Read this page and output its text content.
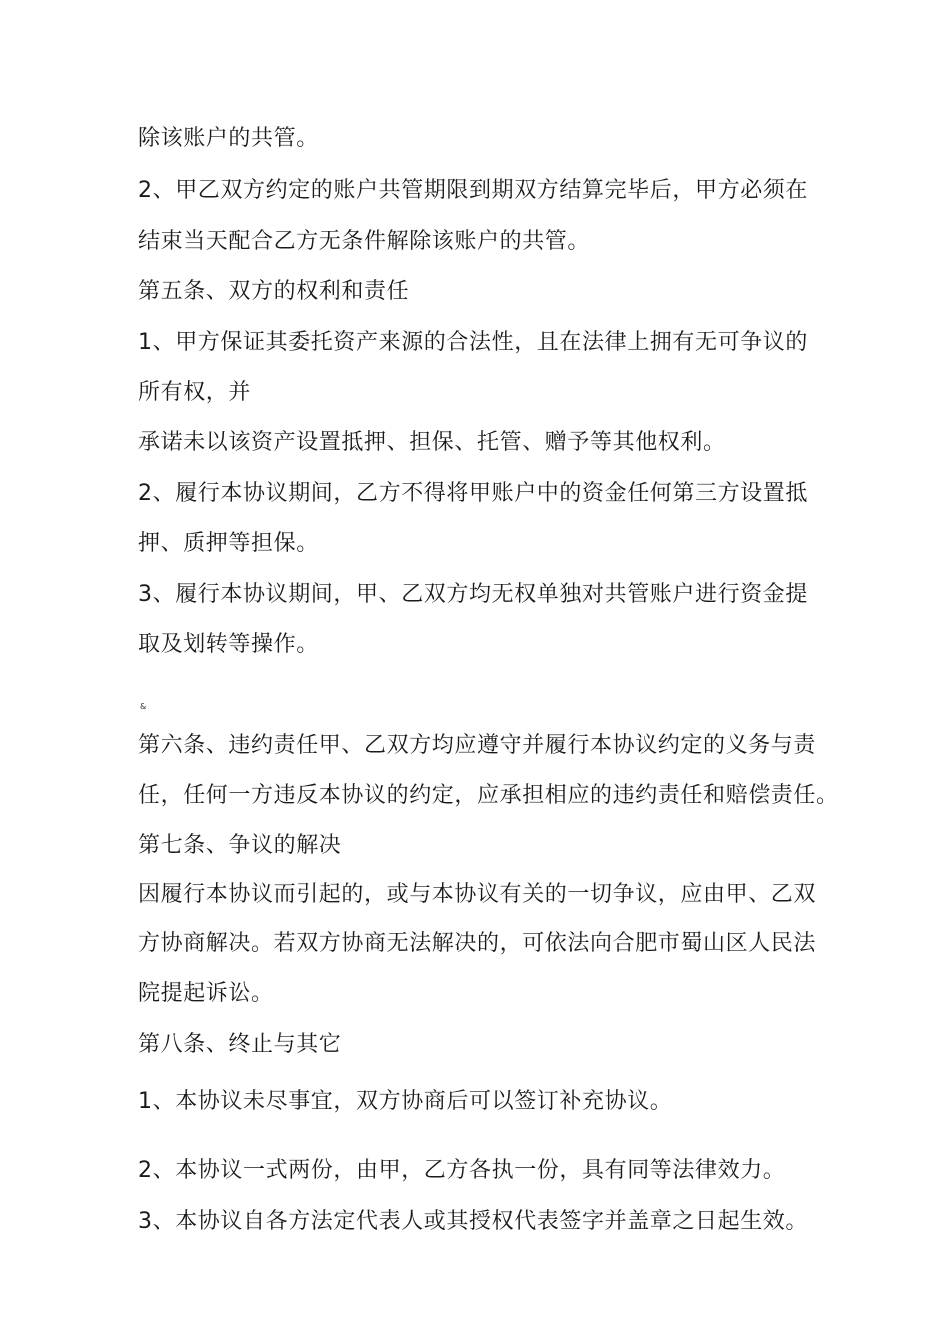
除该账户的共管。
2、甲乙双方约定的账户共管期限到期双方结算完毕后，甲方必须在
结束当天配合乙方无条件解除该账户的共管。
第五条、双方的权利和责任
1、甲方保证其委托资产来源的合法性，且在法律上拥有无可争议的
所有权，并
承诺未以该资产设置抵押、担保、托管、赠予等其他权利。
2、履行本协议期间，乙方不得将甲账户中的资金任何第三方设置抵
押、质押等担保。
3、履行本协议期间，甲、乙双方均无权单独对共管账户进行资金提
取及划转等操作。
&
第六条、违约责任甲、乙双方均应遵守并履行本协议约定的义务与责
任，任何一方违反本协议的约定，应承担相应的违约责任和赔偿责任。
第七条、争议的解决
因履行本协议而引起的，或与本协议有关的一切争议，应由甲、乙双
方协商解决。若双方协商无法解决的，可依法向合肥市蜀山区人民法
院提起诉讼。
第八条、终止与其它
1、本协议未尽事宜，双方协商后可以签订补充协议。
2、本协议一式两份，由甲，乙方各执一份，具有同等法律效力。
3、本协议自各方法定代表人或其授权代表签字并盖章之日起生效。
